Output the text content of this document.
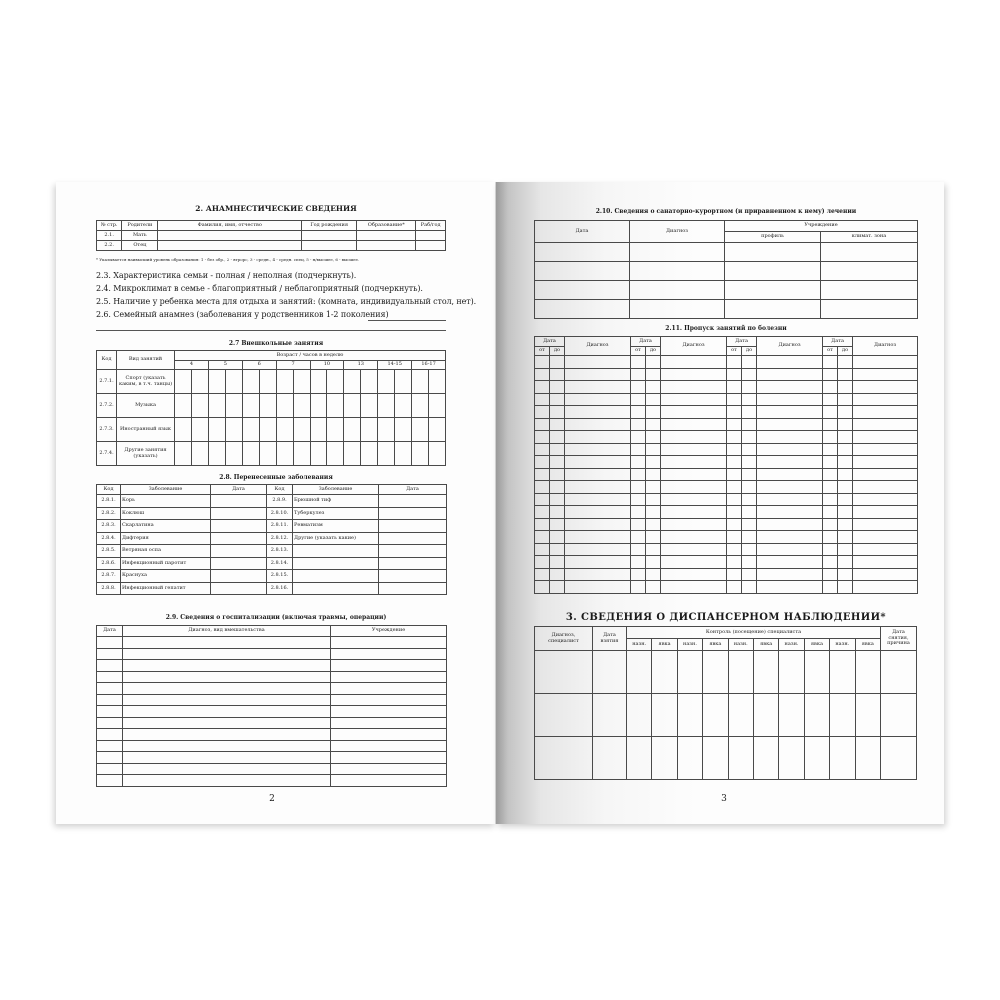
2. АНАМНЕСТИЧЕСКИЕ СВЕДЕНИЯ
№ стр.	Родители	Фамилия, имя, отчество	Год рождения	Образование*	Раб/год
2.1.	Мать				
2.2.	Отец				
* Указывается наивысший уровень образования: 1 - без обр., 2 - втрорс, 3 - средн., 4 - средн. спец, 5 - н/высшее, 6 - высшее.
2.3. Характеристика семьи - полная / неполная (подчеркнуть).
2.4. Микроклимат в семье - благоприятный / неблагоприятный (подчеркнуть).
2.5. Наличие у ребенка места для отдыха и занятий: (комната, индивидуальный стол, нет).
2.6. Семейный анамнез (заболевания у родственников 1-2 поколения)
2.7 Внешкольные занятия
Код	Вид занятий	Возраст / часов в неделю															
		4		5		6		7		10		13		14-15		16-17	
2.7.1.	Спорт (указать каким, в т.ч. танцы)																
2.7.2.	Музыка																
2.7.3.	Иностранный язык																
2.7.4.	Другие занятия (указать)																
2.8. Перенесенные заболевания
Код	Заболевание	Дата	Код	Заболевание	Дата
2.8.1.	Корь		2.8.9.	Брюшной тиф	
2.8.2.	Коклюш		2.8.10.	Туберкулез	
2.8.3.	Скарлатина		2.8.11.	Ревматизм	
2.8.4.	Дифтерия		2.8.12.	Другие (указать какие)	
2.8.5.	Ветряная оспа		2.8.13.		
2.8.6.	Инфекционный паротит		2.8.14.		
2.8.7.	Краснуха		2.8.15.		
2.8.8.	Инфекционный гепатит		2.8.16.		
2.9. Сведения о госпитализации (включая травмы, операции)
Дата	Диагноз, вид вмешательства	Учреждение

2
2.10. Сведения о санаторно-курортном (и приравненном к нему) лечении
Дата	Диагноз	Учреждение	
		профиль	климат. зона

2.11. Пропуск занятий по болезни
Дата		Диагноз	Дата		Диагноз	Дата		Диагноз	Дата		Диагноз
от	до		от	до		от	до		от	до	

3. СВЕДЕНИЯ О ДИСПАНСЕРНОМ НАБЛЮДЕНИИ*
Диагноз, специалист	Дата взятия	Контроль (посещение) специалиста										Дата снятия, причина
		назн.	явка	назн.	явка	назн.	явка	назн.	явка	назн.	явка	

3
